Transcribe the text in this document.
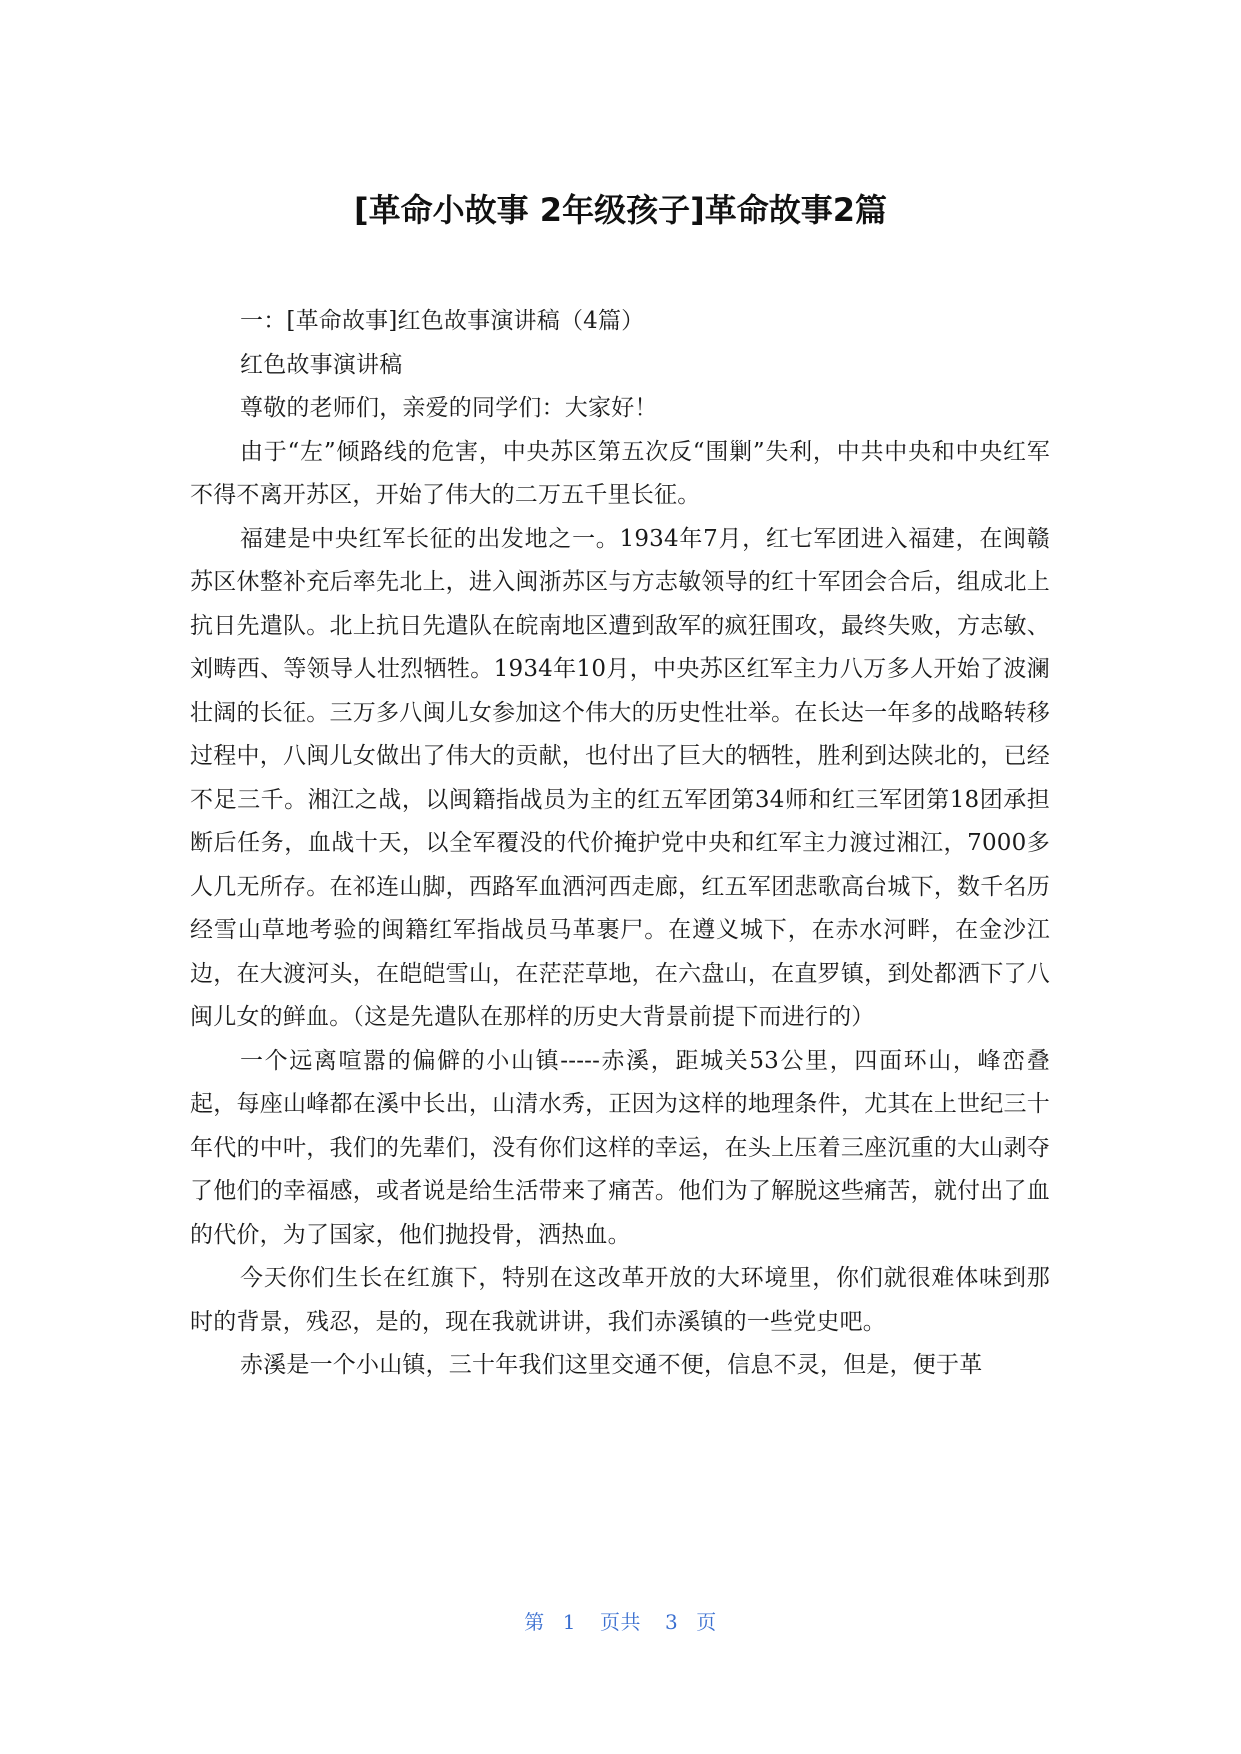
[革命小故事 2年级孩子]革命故事2篇

一：[革命故事]红色故事演讲稿（4篇）

红色故事演讲稿

尊敬的老师们，亲爱的同学们：大家好！

由于“左”倾路线的危害，中央苏区第五次反“围剿”失利，中共中央和中央红军不得不离开苏区，开始了伟大的二万五千里长征。

福建是中央红军长征的出发地之一。1934年7月，红七军团进入福建，在闽赣苏区休整补充后率先北上，进入闽浙苏区与方志敏领导的红十军团会合后，组成北上抗日先遣队。北上抗日先遣队在皖南地区遭到敌军的疯狂围攻，最终失败，方志敏、刘畴西、等领导人壮烈牺牲。1934年10月，中央苏区红军主力八万多人开始了波澜壮阔的长征。三万多八闽儿女参加这个伟大的历史性壮举。在长达一年多的战略转移过程中，八闽儿女做出了伟大的贡献，也付出了巨大的牺牲，胜利到达陕北的，已经不足三千。湘江之战，以闽籍指战员为主的红五军团第34师和红三军团第18团承担断后任务，血战十天，以全军覆没的代价掩护党中央和红军主力渡过湘江，7000多人几无所存。在祁连山脚，西路军血洒河西走廊，红五军团悲歌高台城下，数千名历经雪山草地考验的闽籍红军指战员马革裹尸。在遵义城下，在赤水河畔，在金沙江边，在大渡河头，在皑皑雪山，在茫茫草地，在六盘山，在直罗镇，到处都洒下了八闽儿女的鲜血。（这是先遣队在那样的历史大背景前提下而进行的）

一个远离喧嚣的偏僻的小山镇-----赤溪，距城关53公里，四面环山，峰峦叠起，每座山峰都在溪中长出，山清水秀，正因为这样的地理条件，尤其在上世纪三十年代的中叶，我们的先辈们，没有你们这样的幸运，在头上压着三座沉重的大山剥夺了他们的幸福感，或者说是给生活带来了痛苦。他们为了解脱这些痛苦，就付出了血的代价，为了国家，他们抛投骨，洒热血。

今天你们生长在红旗下，特别在这改革开放的大环境里，你们就很难体味到那时的背景，残忍，是的，现在我就讲讲，我们赤溪镇的一些党史吧。

赤溪是一个小山镇，三十年我们这里交通不便，信息不灵，但是，便于革

第 1 页共 3 页
